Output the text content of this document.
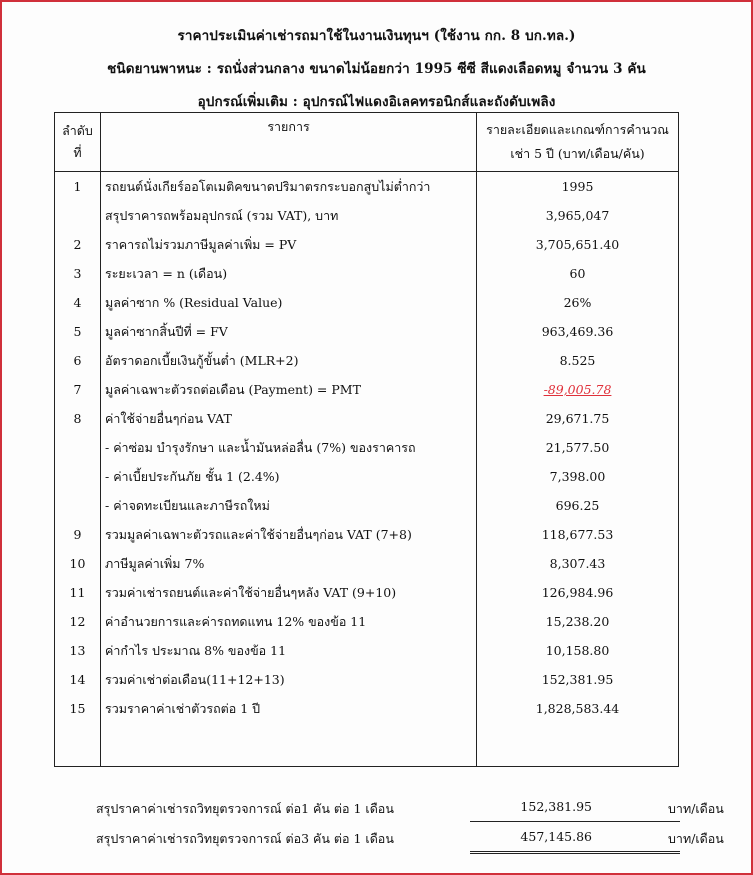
ราคาประเมินค่าเช่ารถมาใช้ในงานเงินทุนฯ (ใช้งาน กก. 8 บก.ทล.)
ชนิดยานพาหนะ : รถนั่งส่วนกลาง ขนาดไม่น้อยกว่า 1995 ซีซี สีแดงเลือดหมู จำนวน 3 คัน
อุปกรณ์เพิ่มเติม : อุปกรณ์ไฟแดงอิเลคทรอนิกส์และถังดับเพลิง
ลำดับ ที่	รายการ	รายละเอียดและเกณฑ์การคำนวณ เช่า 5 ปี (บาท/เดือน/คัน)
1	รถยนต์นั่งเกียร์ออโตเมติคขนาดปริมาตรกระบอกสูบไม่ต่ำกว่า	1995
	สรุปราคารถพร้อมอุปกรณ์ (รวม VAT), บาท	3,965,047
2	ราคารถไม่รวมภาษีมูลค่าเพิ่ม = PV	3,705,651.40
3	ระยะเวลา = n (เดือน)	60
4	มูลค่าซาก % (Residual Value)	26%
5	มูลค่าซากสิ้นปีที่ = FV	963,469.36
6	อัตราดอกเบี้ยเงินกู้ขั้นต่ำ (MLR+2)	8.525
7	มูลค่าเฉพาะตัวรถต่อเดือน (Payment) = PMT	-89,005.78
8	ค่าใช้จ่ายอื่นๆก่อน VAT	29,671.75
	- ค่าซ่อม บำรุงรักษา และน้ำมันหล่อลื่น (7%) ของราคารถ	21,577.50
	- ค่าเบี้ยประกันภัย ชั้น 1 (2.4%)	7,398.00
	- ค่าจดทะเบียนและภาษีรถใหม่	696.25
9	รวมมูลค่าเฉพาะตัวรถและค่าใช้จ่ายอื่นๆก่อน VAT (7+8)	118,677.53
10	ภาษีมูลค่าเพิ่ม 7%	8,307.43
11	รวมค่าเช่ารถยนต์และค่าใช้จ่ายอื่นๆหลัง VAT (9+10)	126,984.96
12	ค่าอำนวยการและค่ารถทดแทน 12% ของข้อ 11	15,238.20
13	ค่ากำไร ประมาณ 8% ของข้อ 11	10,158.80
14	รวมค่าเช่าต่อเดือน(11+12+13)	152,381.95
15	รวมราคาค่าเช่าตัวรถต่อ 1 ปี	1,828,583.44

สรุปราคาค่าเช่ารถวิทยุตรวจการณ์ ต่อ1 คัน ต่อ 1 เดือน	152,381.95	บาท/เดือน
สรุปราคาค่าเช่ารถวิทยุตรวจการณ์ ต่อ3 คัน ต่อ 1 เดือน	457,145.86	บาท/เดือน
